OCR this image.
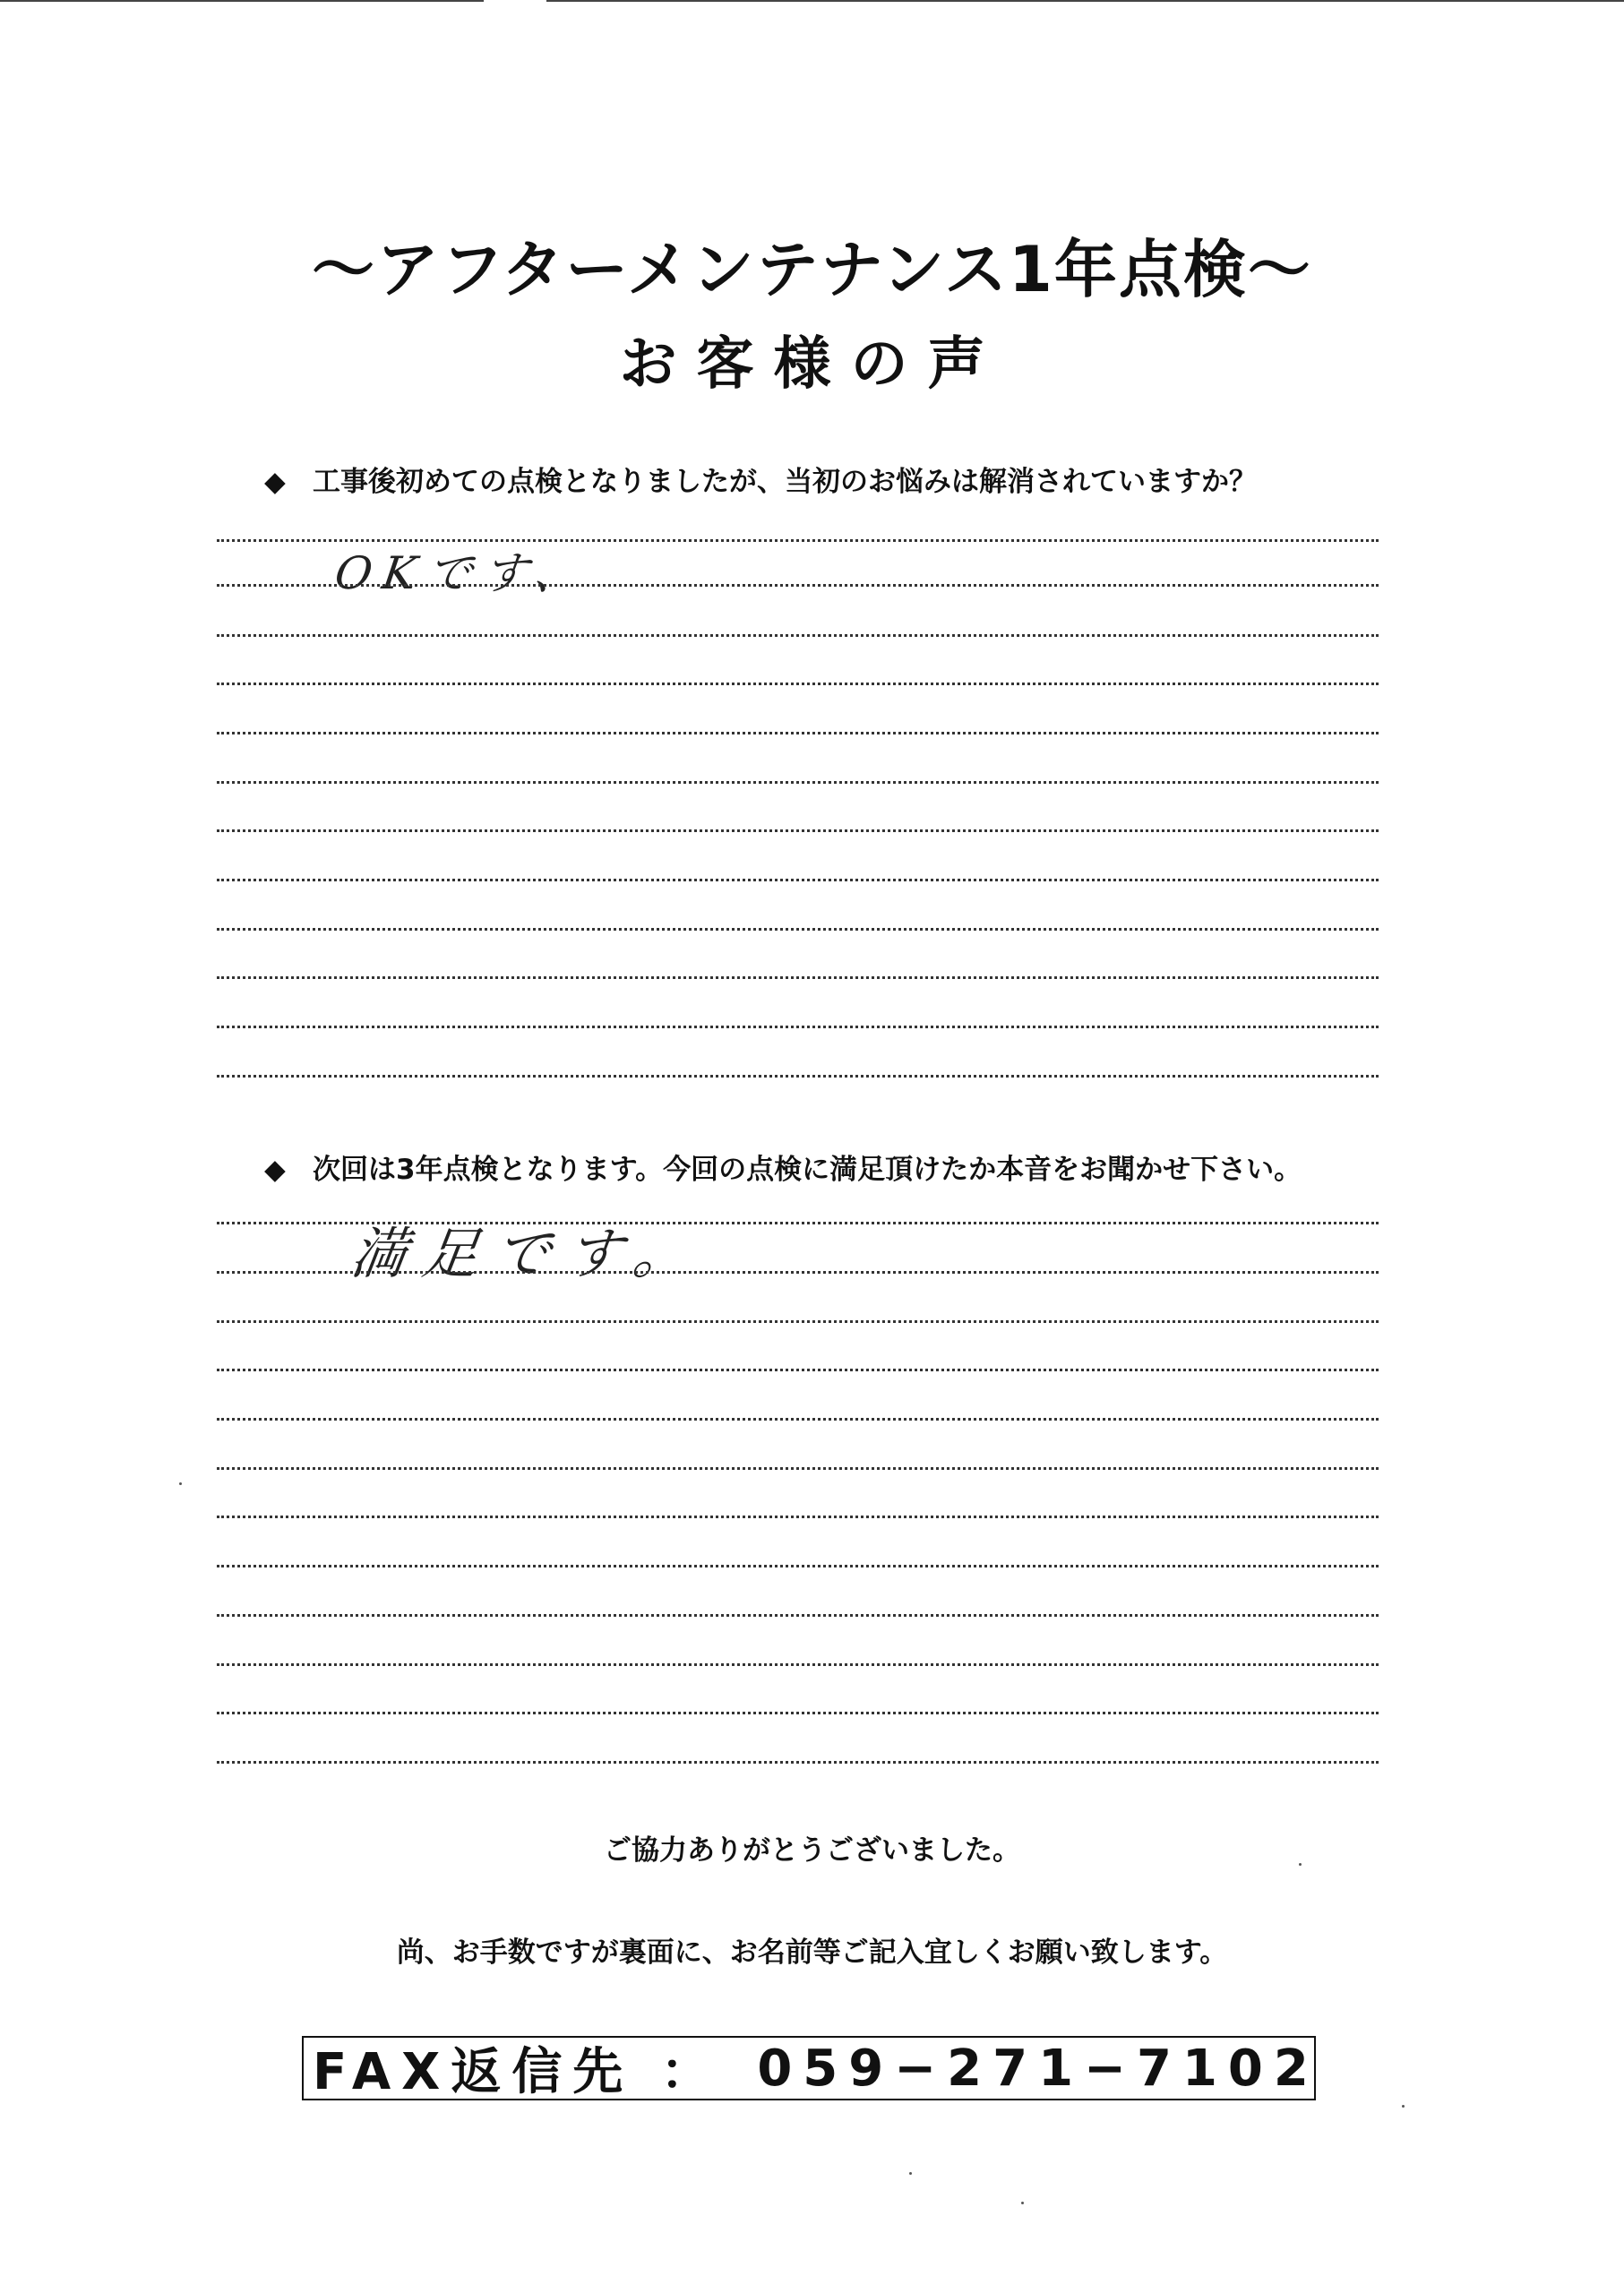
〜アフターメンテナンス1年点検〜
お客様の声
◆ 工事後初めての点検となりましたが、当初のお悩みは解消されていますか？
OKです、
◆ 次回は3年点検となります。今回の点検に満足頂けたか本音をお聞かせ下さい。
満足です。
ご協力ありがとうございました。
尚、お手数ですが裏面に、お名前等ご記入宜しくお願い致します。
FAX返信先 ： 059−271−7102
